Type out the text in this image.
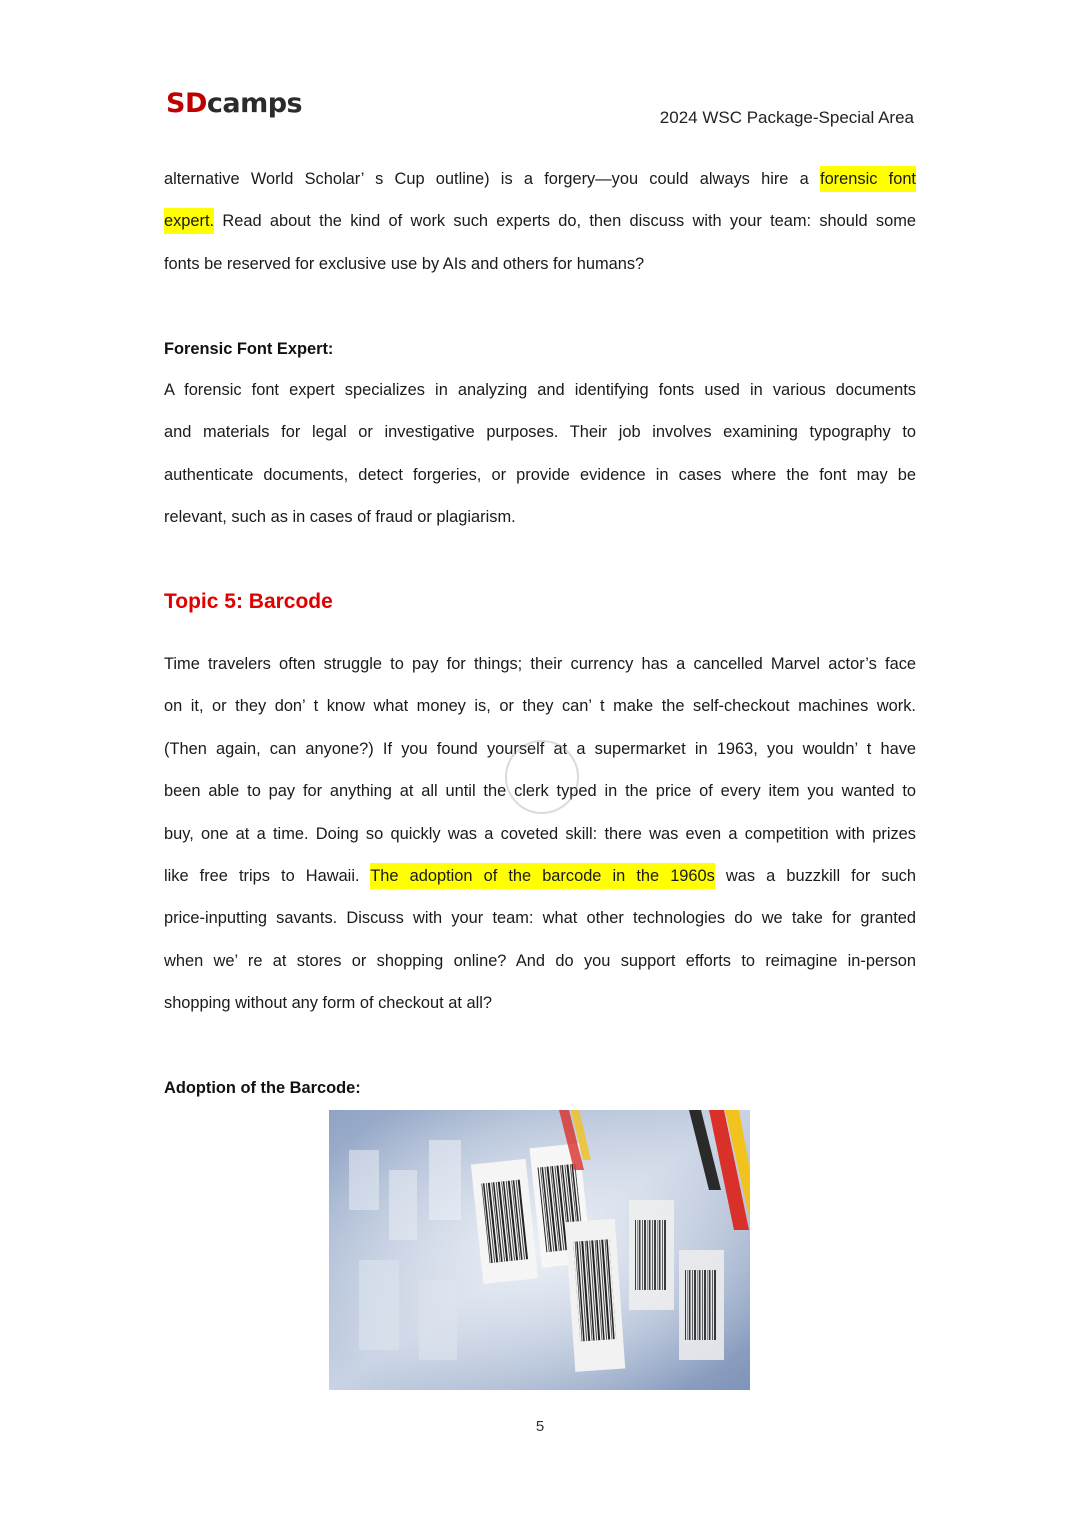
SDcamps	2024 WSC Package-Special Area
alternative World Scholar’ s Cup outline) is a forgery—you could always hire a forensic font
expert. Read about the kind of work such experts do, then discuss with your team: should some
fonts be reserved for exclusive use by AIs and others for humans?
Forensic Font Expert:
A forensic font expert specializes in analyzing and identifying fonts used in various documents
and materials for legal or investigative purposes. Their job involves examining typography to
authenticate documents, detect forgeries, or provide evidence in cases where the font may be
relevant, such as in cases of fraud or plagiarism.
Topic 5: Barcode
Time travelers often struggle to pay for things; their currency has a cancelled Marvel actor’s face
on it, or they don’ t know what money is, or they can’ t make the self-checkout machines work.
(Then again, can anyone?) If you found yourself at a supermarket in 1963, you wouldn’ t have
been able to pay for anything at all until the clerk typed in the price of every item you wanted to
buy, one at a time. Doing so quickly was a coveted skill: there was even a competition with prizes
like free trips to Hawaii. The adoption of the barcode in the 1960s was a buzzkill for such
price-inputting savants. Discuss with your team: what other technologies do we take for granted
when we’ re at stores or shopping online? And do you support efforts to reimagine in-person
shopping without any form of checkout at all?
Adoption of the Barcode:
5
